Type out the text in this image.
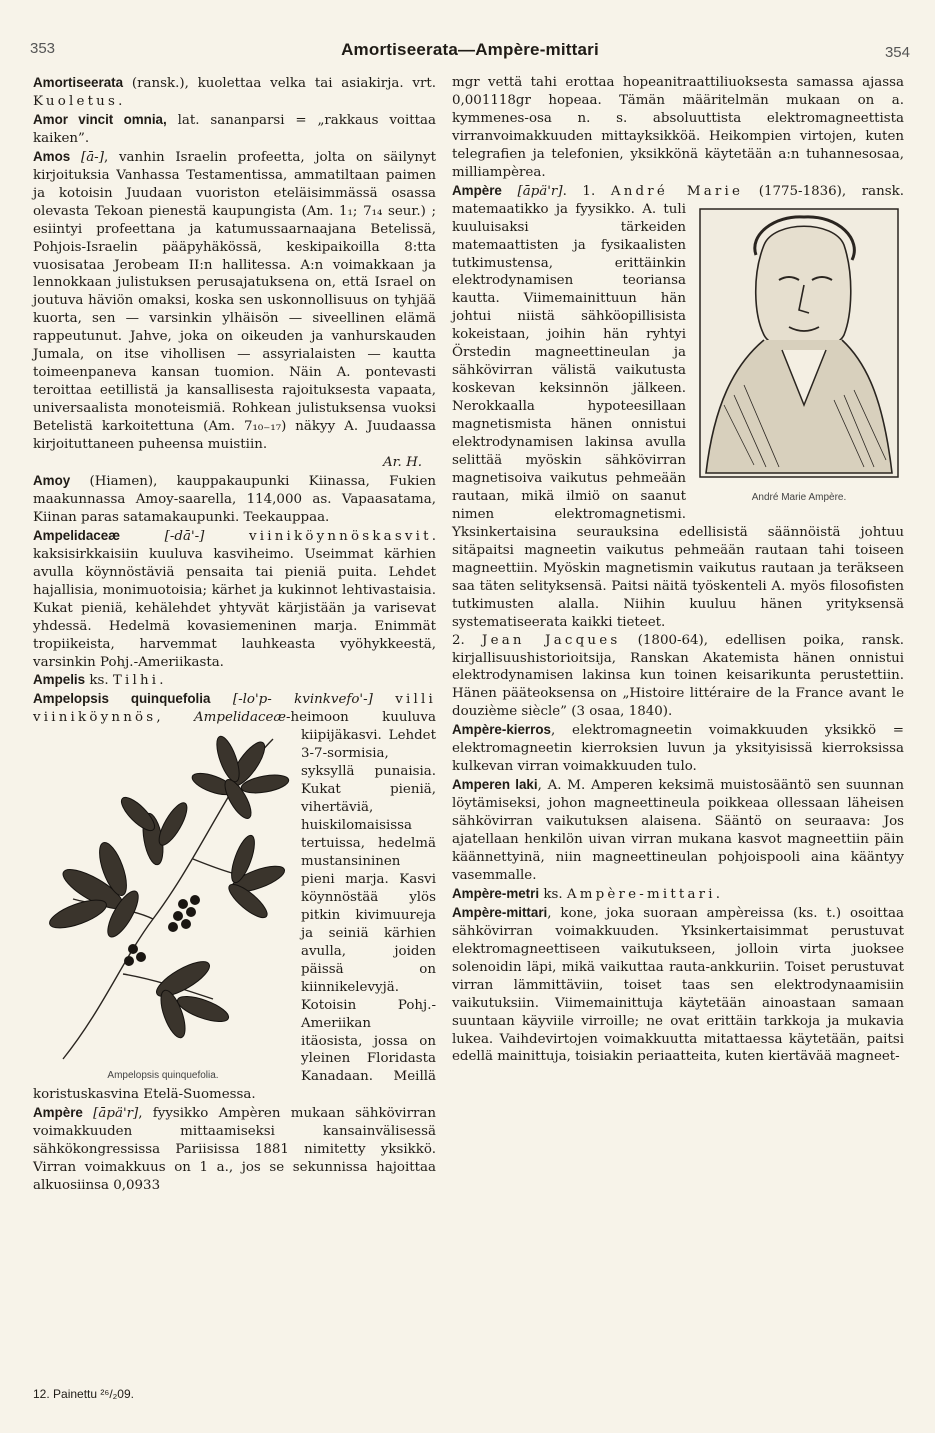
353	Amortiseerata—Ampère-mittari	354

Amortiseerata (ransk.), kuolettaa velka tai asiakirja. vrt. Kuoletus.

Amor vincit omnia, lat. sananparsi = „rakkaus voittaa kaiken”.

Amos [ā-], vanhin Israelin profeetta, jolta on säilynyt kirjoituksia Vanhassa Testamentissa, ammatiltaan paimen ja kotoisin Juudaan vuoriston eteläisimmässä osassa olevasta Tekoan pienestä kaupungista (Am. 1₁; 7₁₄ seur.) ; esiintyi profeettana ja katumussaarnaajana Betelissä, Pohjois-Israelin pääpyhäkössä, keskipaikoilla 8:tta vuosisataa Jerobeam II:n hallitessa. A:n voimakkaan ja lennokkaan julistuksen perusajatuksena on, että Israel on joutuva häviön omaksi, koska sen uskonnollisuus on tyhjää kuorta, sen — varsinkin ylhäisön — siveellinen elämä rappeutunut. Jahve, joka on oikeuden ja vanhurskauden Jumala, on itse vihollisen — assyrialaisten — kautta toimeenpaneva kansan tuomion. Näin A. pontevasti teroittaa eetillistä ja kansallisesta rajoituksesta vapaata, universaalista monoteismiä. Rohkean julistuksensa vuoksi Betelistä karkoitettuna (Am. 7₁₀₋₁₇) näkyy A. Juudaassa kirjoituttaneen puheensa muistiin.

Ar. H.

Amoy (Hiamen), kauppakaupunki Kiinassa, Fukien maakunnassa Amoy-saarella, 114,000 as. Vapaasatama, Kiinan paras satamakaupunki. Teekauppaa.

Ampelidaceæ [-dā'-]	viiniköynnöskasvit. kaksisirkkaisiin kuuluva kasviheimo. Useimmat kärhien avulla köynnöstäviä pensaita tai pieniä puita. Lehdet hajallisia, monimuotoisia; kärhet ja kukinnot lehtivastaisia. Kukat pieniä, kehälehdet yhtyvät kärjistään ja varisevat yhdessä. Hedelmä kovasiemeninen marja. Enimmät tropiikeista, harvemmat lauhkeasta vyöhykkeestä, varsinkin Pohj.-Ameriikasta.

Ampelis ks. Tilhi.

Ampelopsis quinquefolia [-lo'p- kvinkvefo'-] villi viiniköynnös, Ampelidaceæ
Ampelopsis quinquefolia.
-heimoon kuuluva kiipijäkasvi. Lehdet 3-7-sormisia, syksyllä punaisia. Kukat pieniä, vihertäviä, huiskilomaisissa tertuissa, hedelmä mustansininen pieni marja. Kasvi köynnöstää ylös pitkin kivimuureja ja seiniä kärhien avulla, joiden päissä on kiinnikelevyjä. Kotoisin Pohj.-Ameriikan itäosista, jossa on yleinen Floridasta Kanadaan. Meillä koristuskasvina Etelä-Suomessa.

Ampère [āpä'r], fyysikko Ampèren mukaan sähkövirran voimakkuuden mittaamiseksi kansainvälisessä sähkökongressissa Pariisissa 1881 nimitetty yksikkö. Virran voimakkuus on 1 a., jos se sekunnissa hajoittaa alkuosiinsa 0,0933

mgr vettä tahi erottaa hopeanitraattiliuoksesta samassa ajassa 0,001118gr hopeaa. Tämän määritelmän mukaan on a. kymmenes-osa n. s. absoluuttista elektromagneettista virranvoimakkuuden mittayksikköä. Heikompien virtojen, kuten telegrafien ja telefonien, yksikkönä käytetään a:n tuhannesosaa, milliampèrea.

Ampère [āpä'r]. 1. André Marie
André Marie Ampère.
(1775-1836), ransk. matemaatikko ja fyysikko. A. tuli kuuluisaksi tärkeiden matemaattisten ja fysikaalisten tutkimustensa, erittäinkin elektrodynamisen teoriansa kautta. Viimemainittuun hän johtui niistä sähköopillisista kokeistaan, joihin hän ryhtyi Örstedin magneettineulan ja sähkövirran välistä vaikutusta koskevan keksinnön jälkeen. Nerokkaalla hypoteesillaan magnetismista hänen onnistui elektrodynamisen lakinsa avulla selittää myöskin sähkövirran magnetisoiva vaikutus pehmeään rautaan, mikä ilmiö on saanut nimen elektromagnetismi. Yksinkertaisina seurauksina edellisistä säännöistä johtuu sitäpaitsi magneetin vaikutus pehmeään rautaan tahi toiseen magneettiin. Myöskin magnetismin vaikutus rautaan ja teräkseen saa täten selityksensä. Paitsi näitä työskenteli A. myös filosofisten tutkimusten alalla. Niihin kuuluu hänen yrityksensä systematiseerata kaikki tieteet.

2. Jean Jacques (1800-64), edellisen poika, ransk. kirjallisuushistorioitsija, Ranskan Akatemista hänen onnistui elektrodynamisen lakinsa kun toinen keisarikunta perustettiin. Hänen pääteoksensa on „Histoire littéraire de la France avant le douzième siècle” (3 osaa, 1840).

Ampère-kierros, elektromagneetin voimakkuuden yksikkö = elektromagneetin kierroksien luvun ja yksityisissä kierroksissa kulkevan virran voimakkuuden tulo.

Amperen laki, A. M. Amperen keksimä muistosääntö sen suunnan löytämiseksi, johon magneettineula poikkeaa ollessaan läheisen sähkövirran vaikutuksen alaisena. Sääntö on seuraava: Jos ajatellaan henkilön uivan virran mukana kasvot magneettiin päin käännettyinä, niin magneettineulan pohjoispooli aina kääntyy vasemmalle.

Ampère-metri ks. Ampère-mittari.

Ampère-mittari, kone, joka suoraan ampèreissa (ks. t.) osoittaa sähkövirran voimakkuuden. Yksinkertaisimmat perustuvat elektromagneettiseen vaikutukseen, jolloin virta juoksee solenoidin läpi, mikä vaikuttaa rauta-ankkuriin. Toiset perustuvat virran lämmittäviin, toiset taas sen elektrodynaamisiin vaikutuksiin. Viimemainittuja käytetään ainoastaan samaan suuntaan käyviile virroille; ne ovat erittäin tarkkoja ja mukavia lukea. Vaihdevirtojen voimakkuutta mitattaessa käytetään, paitsi edellä mainittuja, toisiakin periaatteita, kuten kiertävää magneet-

12. Painettu ²⁶/₂09.
